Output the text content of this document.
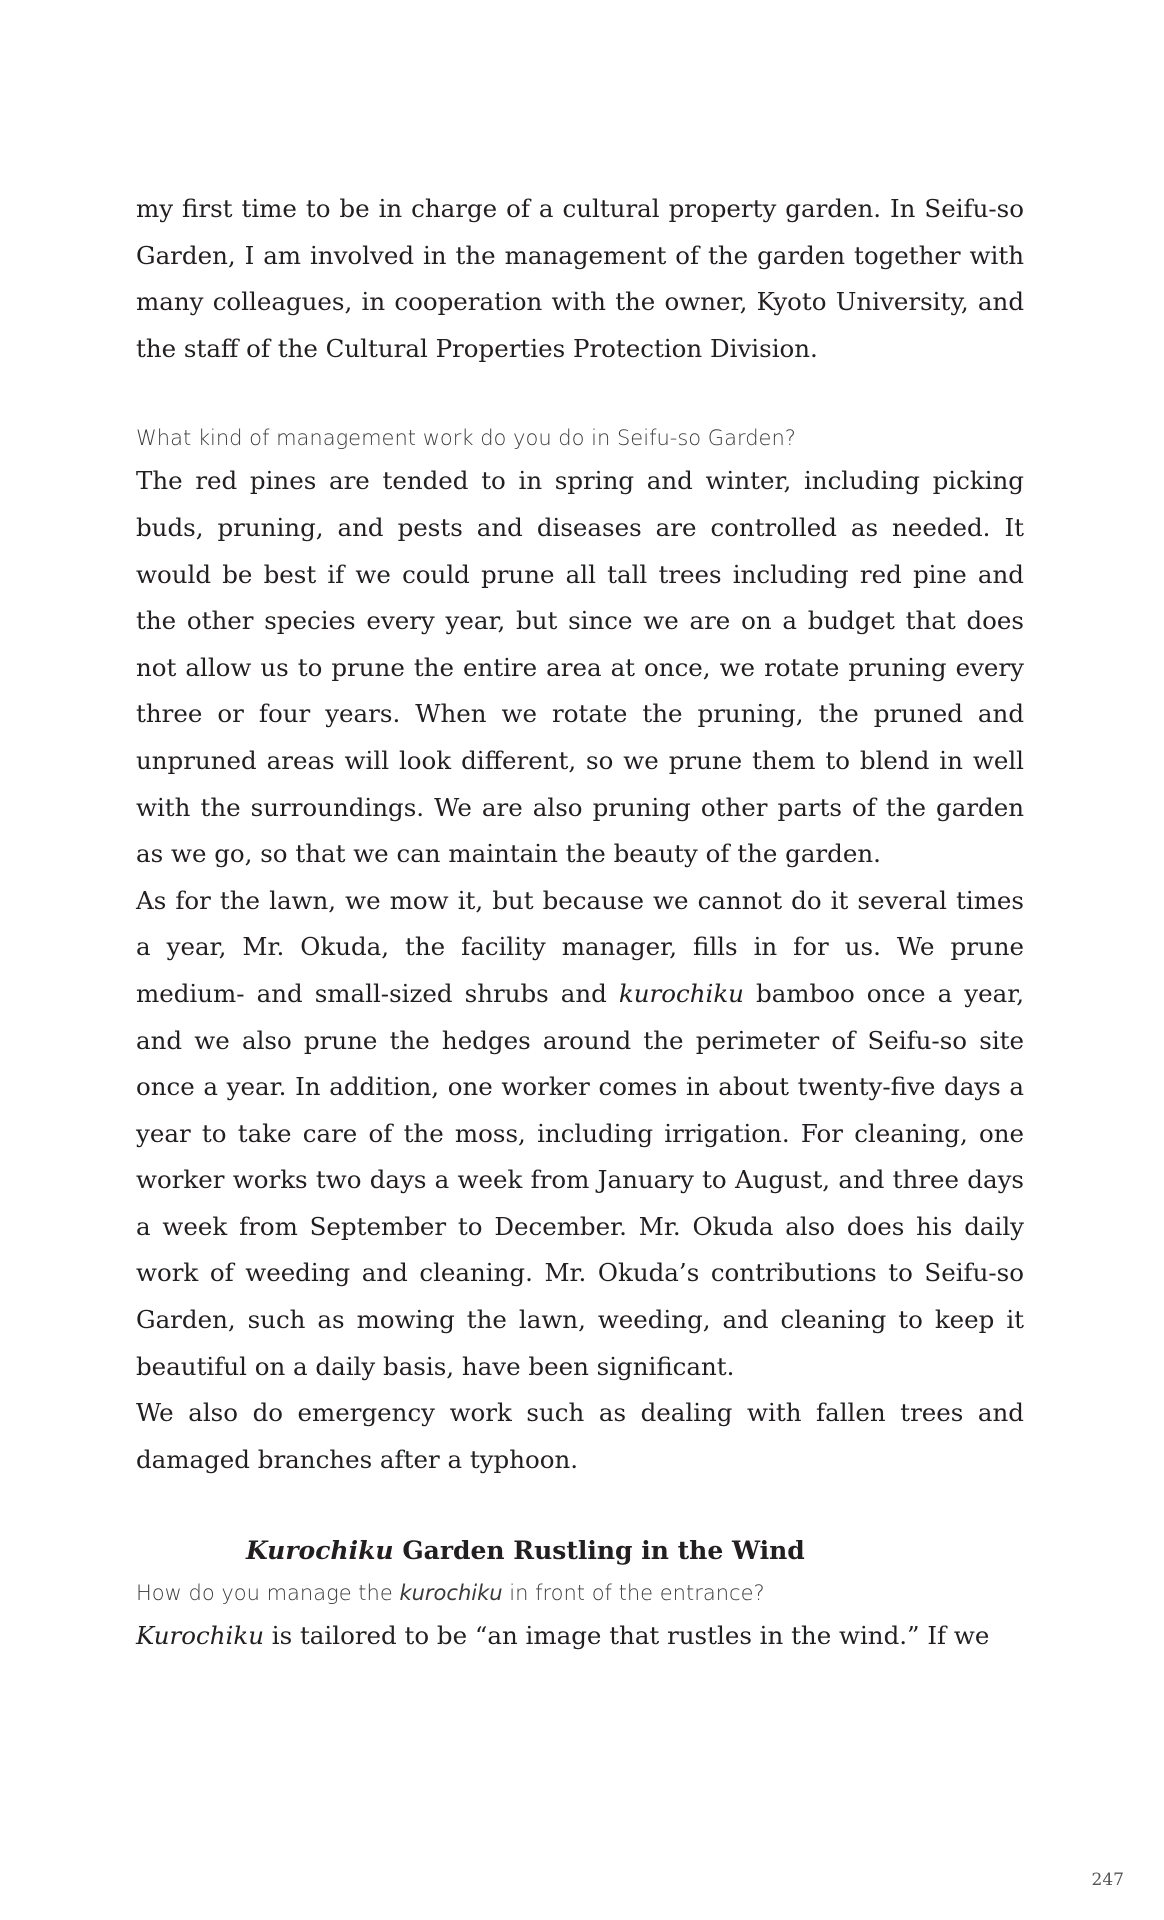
my first time to be in charge of a cultural property garden. In Seifu-so Garden, I am involved in the management of the garden together with many colleagues, in cooperation with the owner, Kyoto University, and the staff of the Cultural Properties Protection Division.

What kind of management work do you do in Seifu-so Garden?

The red pines are tended to in spring and winter, including picking buds, pruning, and pests and diseases are controlled as needed. It would be best if we could prune all tall trees including red pine and the other species every year, but since we are on a budget that does not allow us to prune the entire area at once, we rotate pruning every three or four years. When we rotate the pruning, the pruned and unpruned areas will look different, so we prune them to blend in well with the surroundings. We are also pruning other parts of the garden as we go, so that we can maintain the beauty of the garden.

As for the lawn, we mow it, but because we cannot do it several times a year, Mr. Okuda, the facility manager, fills in for us. We prune medium- and small-sized shrubs and kurochiku bamboo once a year, and we also prune the hedges around the perimeter of Seifu-so site once a year. In addition, one worker comes in about twenty-five days a year to take care of the moss, including irrigation. For cleaning, one worker works two days a week from January to August, and three days a week from September to December. Mr. Okuda also does his daily work of weeding and cleaning. Mr. Okuda’s contributions to Seifu-so Garden, such as mowing the lawn, weeding, and cleaning to keep it beautiful on a daily basis, have been significant.

We also do emergency work such as dealing with fallen trees and damaged branches after a typhoon.

Kurochiku Garden Rustling in the Wind

How do you manage the kurochiku in front of the entrance?

Kurochiku is tailored to be “an image that rustles in the wind.” If we

247
